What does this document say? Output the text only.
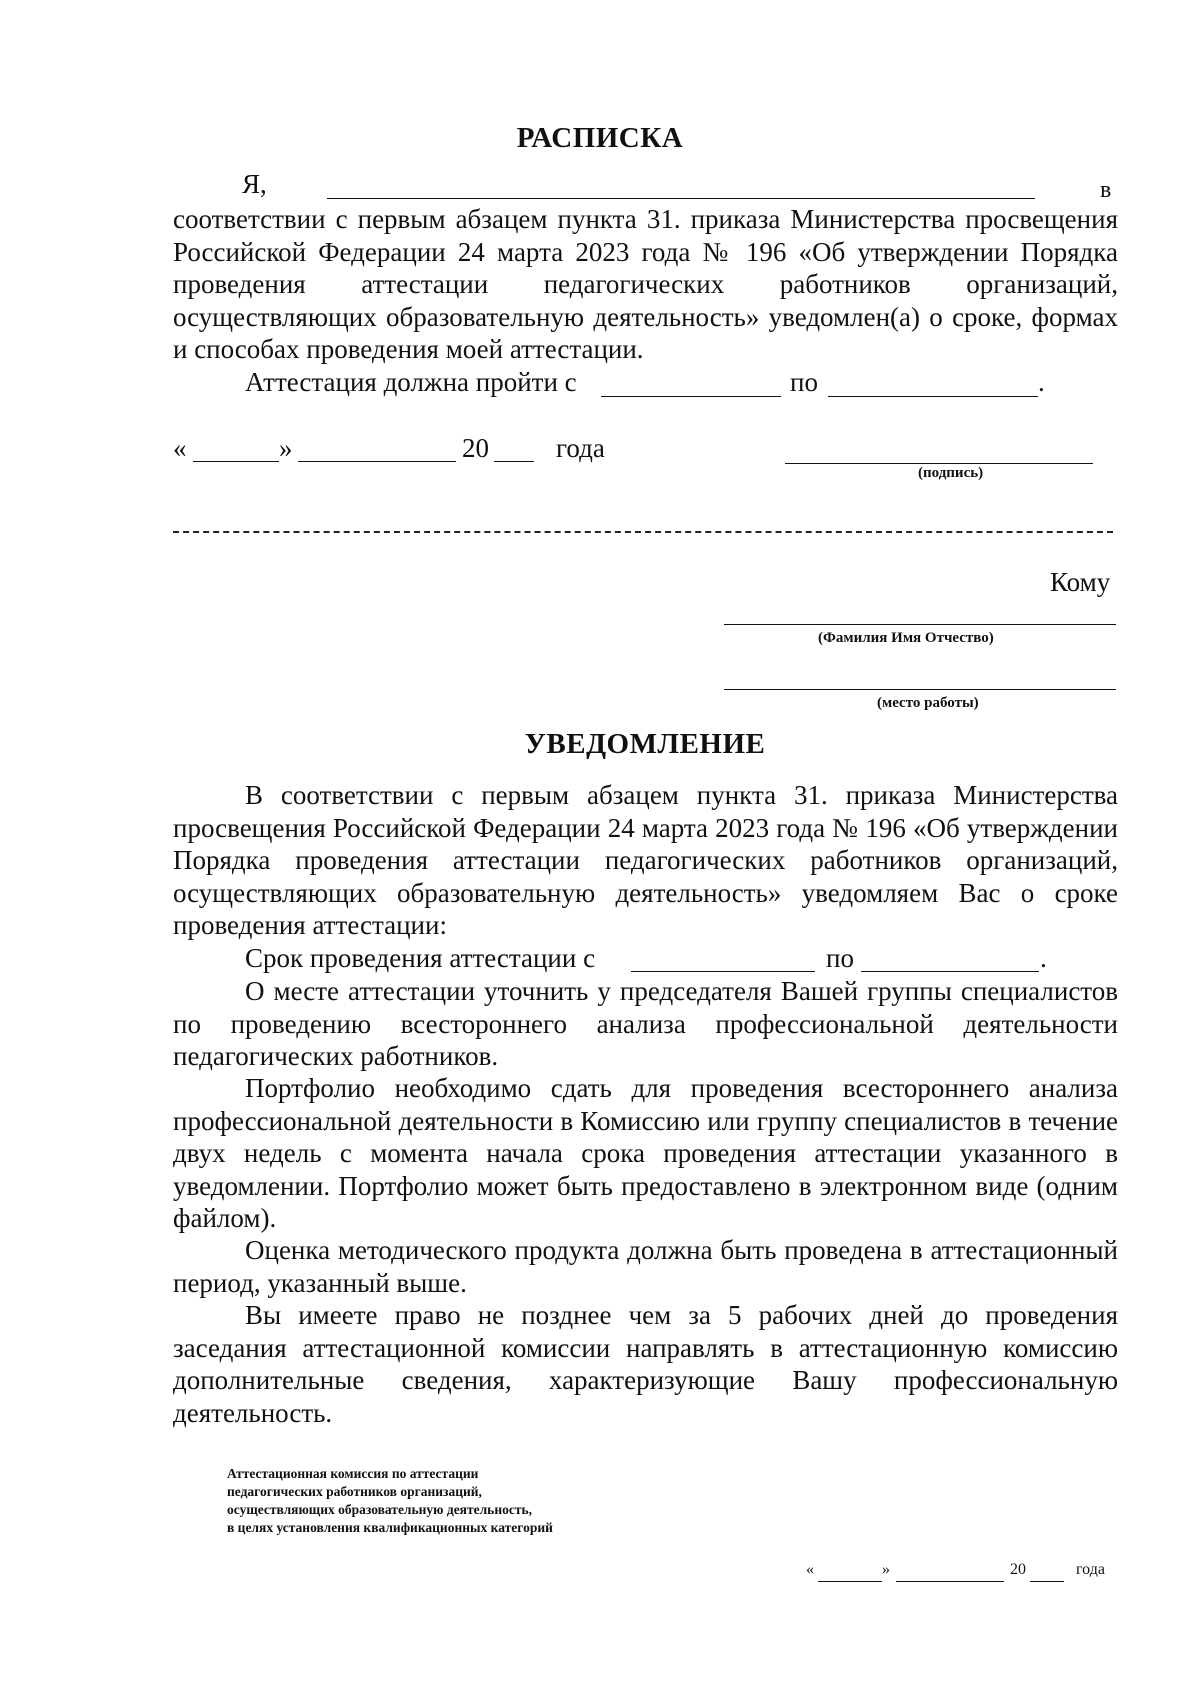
РАСПИСКА
Я,	в
соответствии с первым абзацем пункта 31. приказа Министерства просвещения Российской Федерации 24 марта 2023 года № 196 «Об утверждении Порядка проведения аттестации педагогических работников организаций, осуществляющих образовательную деятельность» уведомлен(а) о сроке, формах и способах проведения моей аттестации.
Аттестация должна пройти с	по	.
«	»	20 года
(подпись)
Кому
(Фамилия Имя Отчество)
(место работы)
УВЕДОМЛЕНИЕ
В соответствии с первым абзацем пункта 31. приказа Министерства просвещения Российской Федерации 24 марта 2023 года № 196 «Об утверждении Порядка проведения аттестации педагогических работников организаций, осуществляющих образовательную деятельность» уведомляем Вас о сроке проведения аттестации:
Срок проведения аттестации с	по	.
О месте аттестации уточнить у председателя Вашей группы специалистов по проведению всестороннего анализа профессиональной деятельности педагогических работников.
Портфолио необходимо сдать для проведения всестороннего анализа профессиональной деятельности в Комиссию или группу специалистов в течение двух недель с момента начала срока проведения аттестации указанного в уведомлении. Портфолио может быть предоставлено в электронном виде (одним файлом).
Оценка методического продукта должна быть проведена в аттестационный период, указанный выше.
Вы имеете право не позднее чем за 5 рабочих дней до проведения заседания аттестационной комиссии направлять в аттестационную комиссию дополнительные сведения, характеризующие Вашу профессиональную деятельность.
Аттестационная комиссия по аттестации
педагогических работников организаций,
осуществляющих образовательную деятельность,
в целях установления квалификационных категорий
«	»	20	года
